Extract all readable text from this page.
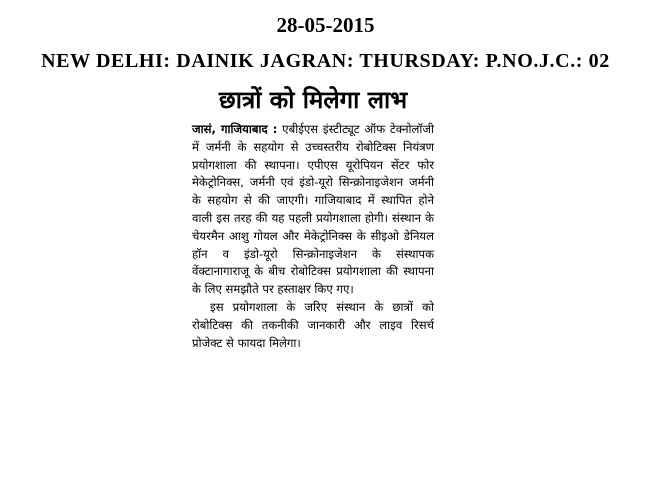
28-05-2015
NEW DELHI: DAINIK JAGRAN: THURSDAY: P.NO.J.C.: 02
छात्रों को मिलेगा लाभ

जासं, गाजियाबाद : एबीईएस इंस्टीट्यूट ऑफ टेक्नोलॉजी में जर्मनी के सहयोग से उच्चस्तरीय रोबोटिक्स नियंत्रण प्रयोगशाला की स्थापना। एपीएस यूरोपियन सेंटर फोर मेकेट्रोनिक्स, जर्मनी एवं इंडो-यूरो सिन्क्रोनाइजेशन जर्मनी के सहयोग से की जाएगी। गाजियाबाद में स्थापित होने वाली इस तरह की यह पहली प्रयोगशाला होगी। संस्थान के चेयरमैन आशु गोयल और मेकेट्रोनिक्स के सीइओ डेनियल हॉन व इंडो-यूरो सिन्क्रोनाइजेशन के संस्थापक वेंक्टानागाराजू के बीच रोबोटिक्स प्रयोगशाला की स्थापना के लिए समझौते पर हस्ताक्षर किए गए।

इस प्रयोगशाला के जरिए संस्थान के छात्रों को रोबोटिक्स की तकनीकी जानकारी और लाइव रिसर्च प्रोजेक्ट से फायदा मिलेगा।
